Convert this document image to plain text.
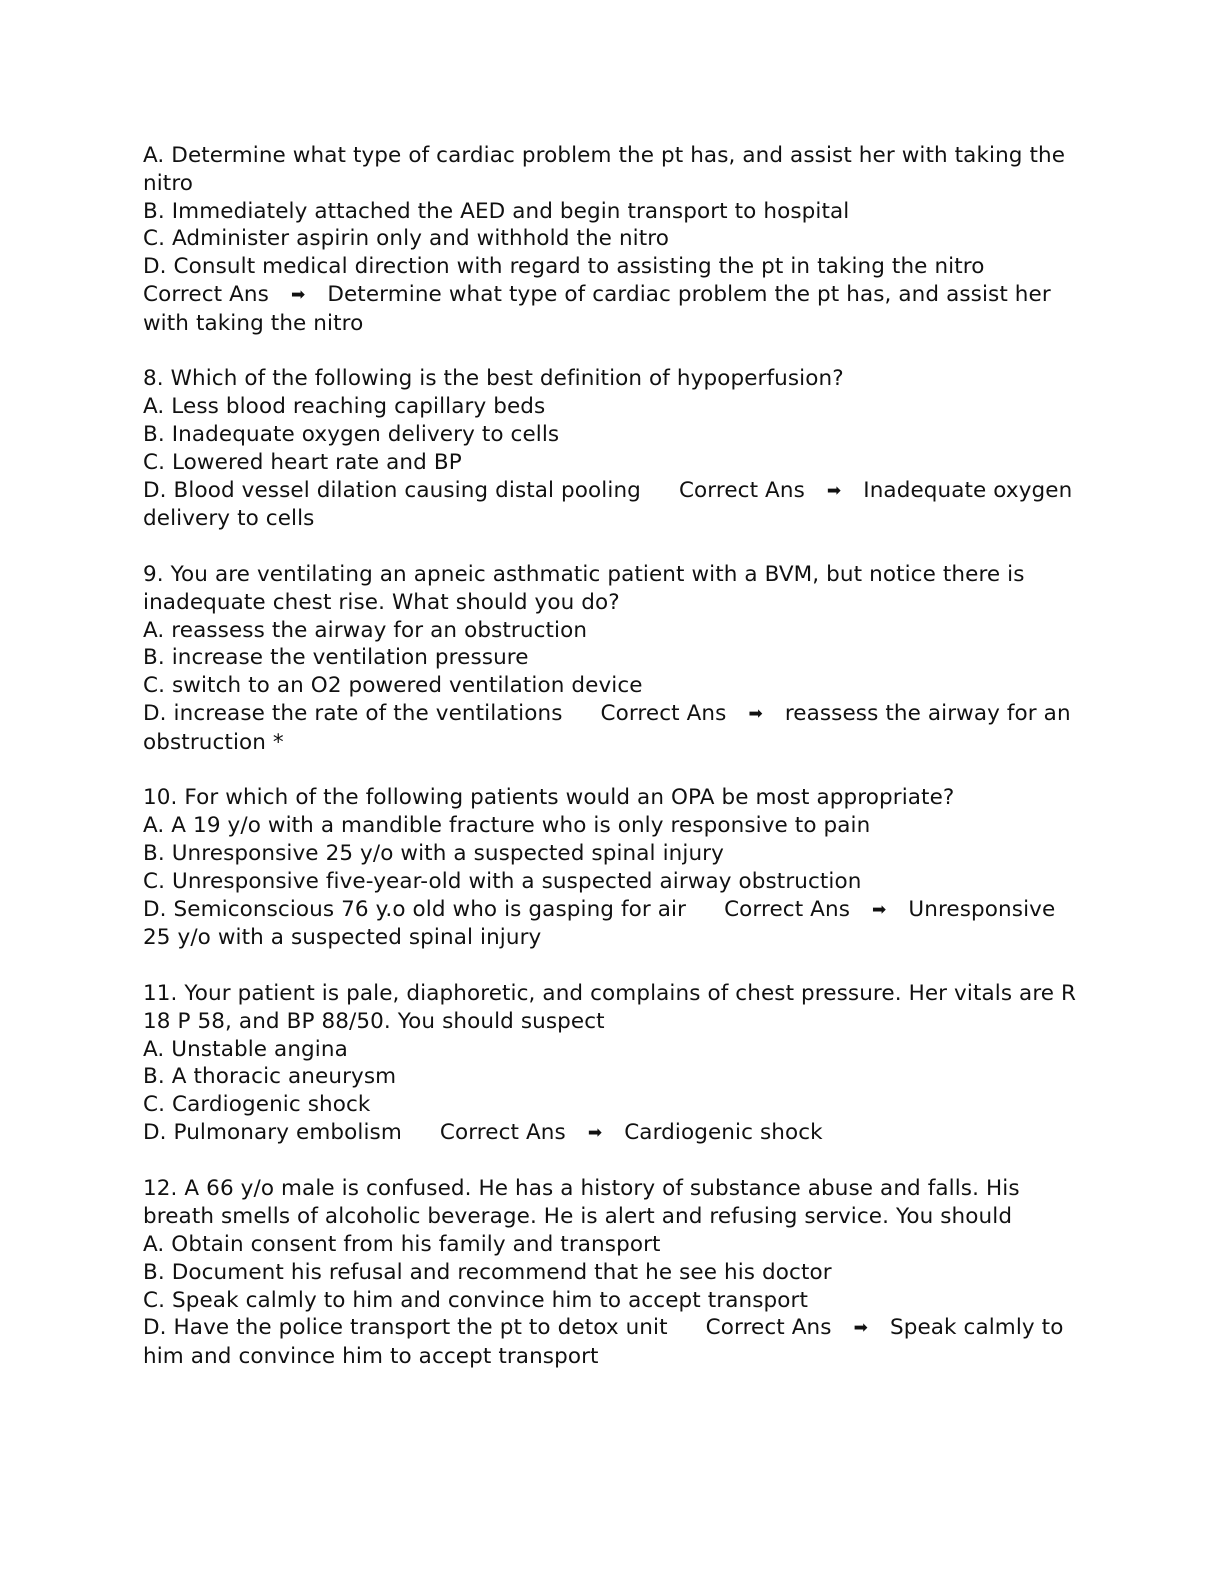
A. Determine what type of cardiac problem the pt has, and assist her with taking the nitro
B. Immediately attached the AED and begin transport to hospital
C. Administer aspirin only and withhold the nitro
D. Consult medical direction with regard to assisting the pt in taking the nitro
Correct Ans ➡ Determine what type of cardiac problem the pt has, and assist her with taking the nitro
8. Which of the following is the best definition of hypoperfusion?
A. Less blood reaching capillary beds
B. Inadequate oxygen delivery to cells
C. Lowered heart rate and BP
D. Blood vessel dilation causing distal pooling Correct Ans ➡ Inadequate oxygen delivery to cells
9. You are ventilating an apneic asthmatic patient with a BVM, but notice there is inadequate chest rise. What should you do?
A. reassess the airway for an obstruction
B. increase the ventilation pressure
C. switch to an O2 powered ventilation device
D. increase the rate of the ventilations Correct Ans ➡ reassess the airway for an obstruction *
10. For which of the following patients would an OPA be most appropriate?
A. A 19 y/o with a mandible fracture who is only responsive to pain
B. Unresponsive 25 y/o with a suspected spinal injury
C. Unresponsive five-year-old with a suspected airway obstruction
D. Semiconscious 76 y.o old who is gasping for air Correct Ans ➡ Unresponsive 25 y/o with a suspected spinal injury
11. Your patient is pale, diaphoretic, and complains of chest pressure. Her vitals are R 18 P 58, and BP 88/50. You should suspect
A. Unstable angina
B. A thoracic aneurysm
C. Cardiogenic shock
D. Pulmonary embolism Correct Ans ➡ Cardiogenic shock
12. A 66 y/o male is confused. He has a history of substance abuse and falls. His breath smells of alcoholic beverage. He is alert and refusing service. You should
A. Obtain consent from his family and transport
B. Document his refusal and recommend that he see his doctor
C. Speak calmly to him and convince him to accept transport
D. Have the police transport the pt to detox unit Correct Ans ➡ Speak calmly to him and convince him to accept transport
